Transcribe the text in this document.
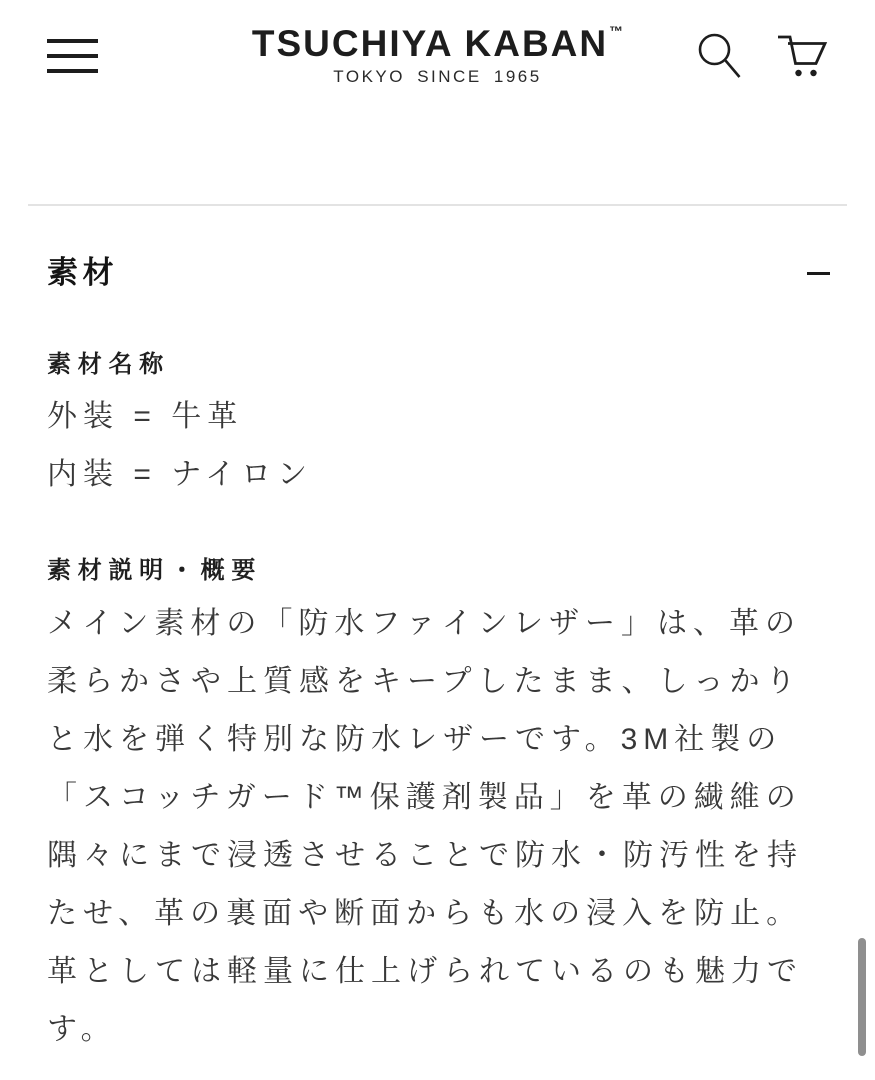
TSUCHIYA KABAN™
TOKYO SINCE 1965
素材
素材名称
外装 = 牛革
内装 = ナイロン
素材説明・概要

メイン素材の「防水ファインレザー」は、革の柔らかさや上質感をキープしたまま、しっかりと水を弾く特別な防水レザーです。3M社製の「スコッチガード™保護剤製品」を革の繊維の隅々にまで浸透させることで防水・防汚性を持たせ、革の裏面や断面からも水の浸入を防止。革としては軽量に仕上げられているのも魅力です。
